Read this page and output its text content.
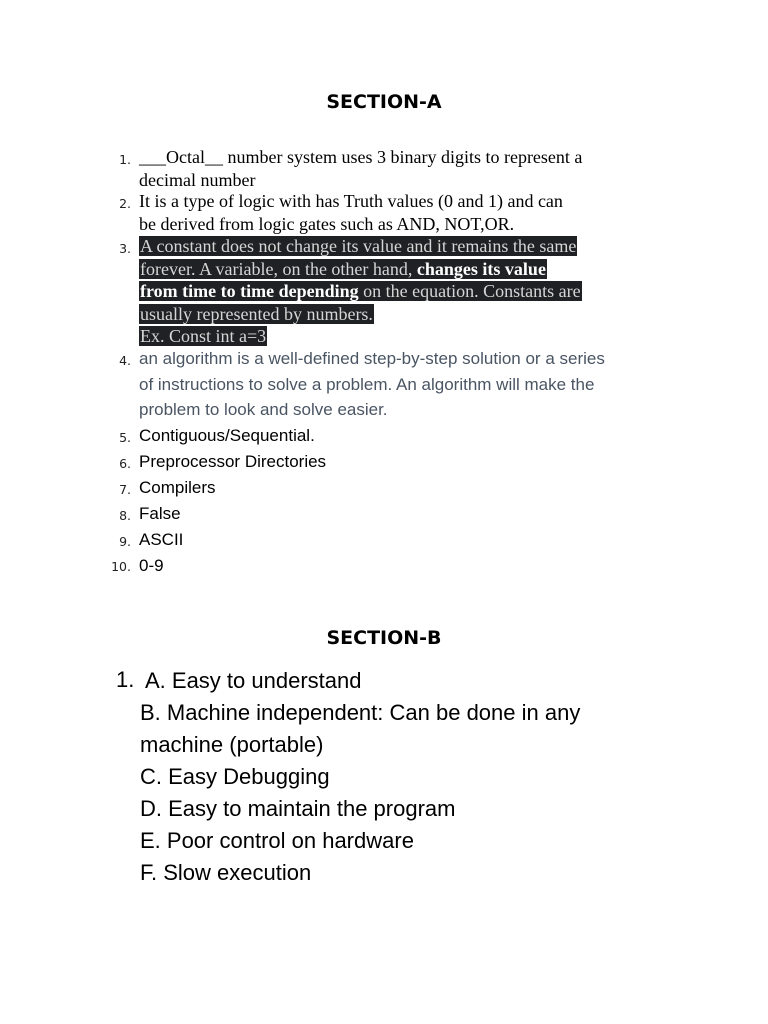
SECTION-A
1. ___Octal__ number system uses 3 binary digits to represent a
decimal number
2. It is a type of logic with has Truth values (0 and 1) and can
be derived from logic gates such as AND, NOT,OR.
3. A constant does not change its value and it remains the same
forever. A variable, on the other hand, changes its value
from time to time depending on the equation. Constants are
usually represented by numbers.
Ex. Const int a=3
4. an algorithm is a well-defined step-by-step solution or a series
of instructions to solve a problem. An algorithm will make the
problem to look and solve easier.
5. Contiguous/Sequential.
6. Preprocessor Directories
7. Compilers
8. False
9. ASCII
10. 0-9
SECTION-B
1. A. Easy to understand
B. Machine independent: Can be done in any
machine (portable)
C. Easy Debugging
D. Easy to maintain the program
E. Poor control on hardware
F. Slow execution
